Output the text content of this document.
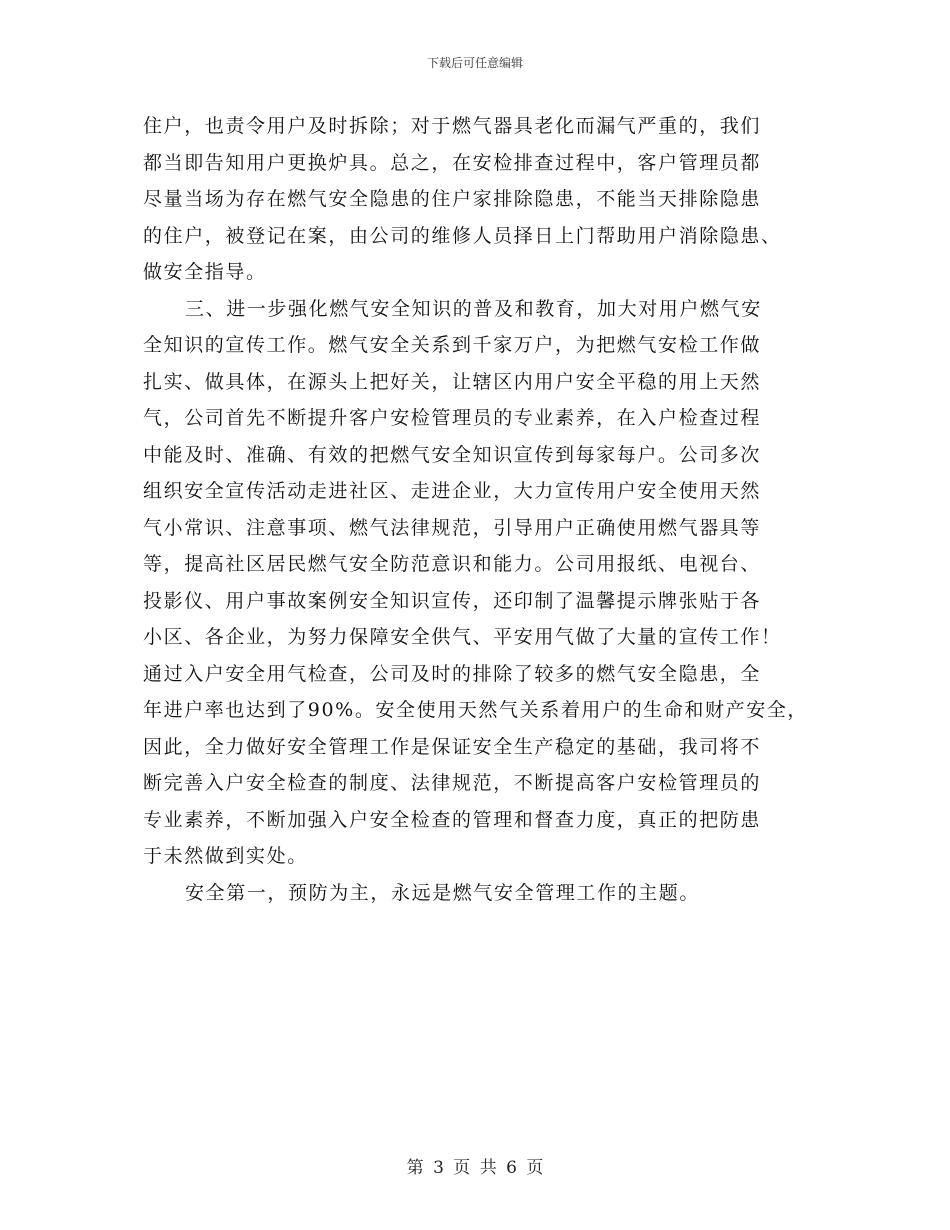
下载后可任意编辑
住户，也责令用户及时拆除；对于燃气器具老化而漏气严重的，我们
都当即告知用户更换炉具。总之，在安检排查过程中，客户管理员都
尽量当场为存在燃气安全隐患的住户家排除隐患，不能当天排除隐患
的住户，被登记在案，由公司的维修人员择日上门帮助用户消除隐患、
做安全指导。
三、进一步强化燃气安全知识的普及和教育，加大对用户燃气安
全知识的宣传工作。燃气安全关系到千家万户，为把燃气安检工作做
扎实、做具体，在源头上把好关，让辖区内用户安全平稳的用上天然
气，公司首先不断提升客户安检管理员的专业素养，在入户检查过程
中能及时、准确、有效的把燃气安全知识宣传到每家每户。公司多次
组织安全宣传活动走进社区、走进企业，大力宣传用户安全使用天然
气小常识、注意事项、燃气法律规范，引导用户正确使用燃气器具等
等，提高社区居民燃气安全防范意识和能力。公司用报纸、电视台、
投影仪、用户事故案例安全知识宣传，还印制了温馨提示牌张贴于各
小区、各企业，为努力保障安全供气、平安用气做了大量的宣传工作！
通过入户安全用气检查，公司及时的排除了较多的燃气安全隐患，全
年进户率也达到了90%。安全使用天然气关系着用户的生命和财产安全，
因此，全力做好安全管理工作是保证安全生产稳定的基础，我司将不
断完善入户安全检查的制度、法律规范，不断提高客户安检管理员的
专业素养，不断加强入户安全检查的管理和督查力度，真正的把防患
于未然做到实处。
安全第一，预防为主，永远是燃气安全管理工作的主题。
第 3 页 共 6 页
